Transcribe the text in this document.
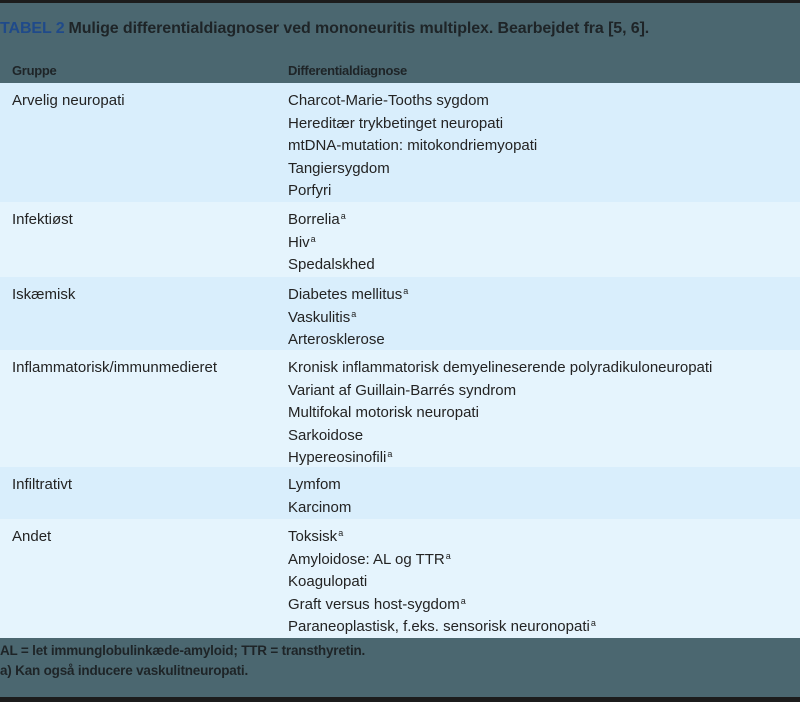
TABEL 2 Mulige differentialdiagnoser ved mononeuritis multiplex. Bearbejdet fra [5, 6].
Gruppe	Differentialdiagnose
Arvelig neuropati	Charcot-Marie-Tooths sygdom
Hereditær trykbetinget neuropati
mtDNA-mutation: mitokondriemyopati
Tangiersygdom
Porfyri
Infektiøst	Borrelia$^a$
Hiv$^a$
Spedalskhed
Iskæmisk	Diabetes mellitus$^a$
Vaskulitis$^a$
Arterosklerose
Inflammatorisk/immunmedieret	Kronisk inflammatorisk demyelineserende polyradikuloneuropati
Variant af Guillain-Barrés syndrom
Multifokal motorisk neuropati
Sarkoidose
Hypereosinofili$^a$
Infiltrativt	Lymfom
Karcinom
Andet	Toksisk$^a$
Amyloidose: AL og TTR$^a$
Koagulopati
Graft versus host-sygdom$^a$
Paraneoplastisk, f.eks. sensorisk neuronopati$^a$
AL = let immunglobulinkæde-amyloid; TTR = transthyretin.
a) Kan også inducere vaskulitneuropati.
